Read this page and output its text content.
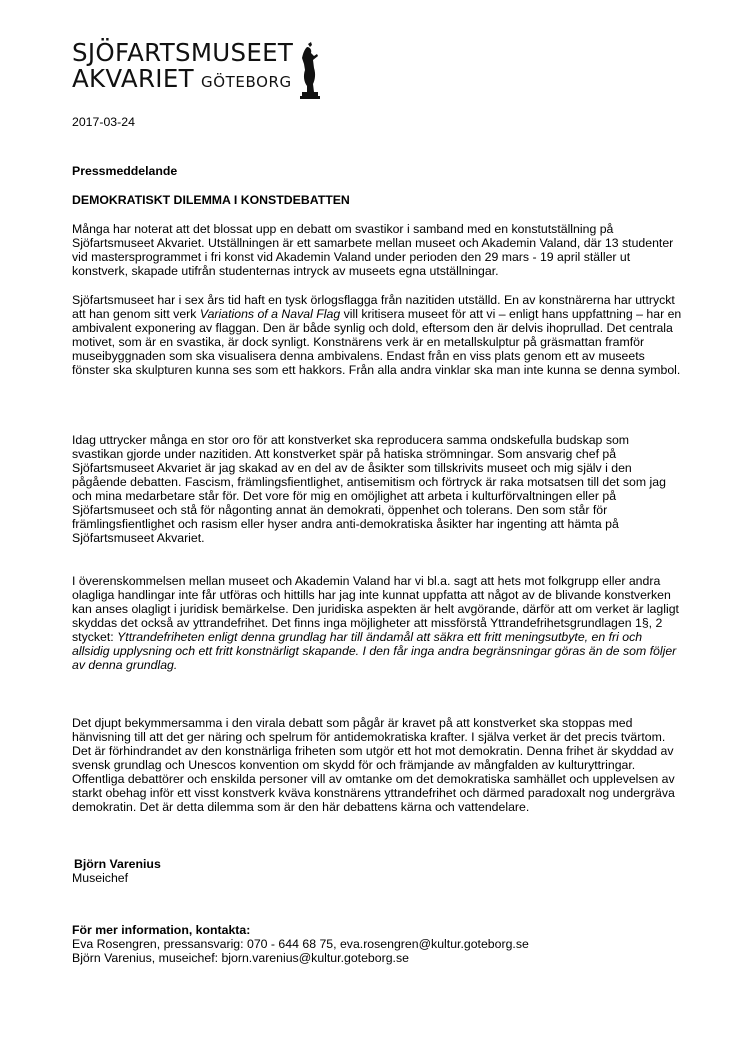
SJÖFARTSMUSEET
AKVARIET GÖTEBORG
2017-03-24
Pressmeddelande
DEMOKRATISKT DILEMMA I KONSTDEBATTEN
Många har noterat att det blossat upp en debatt om svastikor i samband med en konstutställning på Sjöfartsmuseet Akvariet. Utställningen är ett samarbete mellan museet och Akademin Valand, där 13 studenter vid mastersprogrammet i fri konst vid Akademin Valand under perioden den 29 mars - 19 april ställer ut konstverk, skapade utifrån studenternas intryck av museets egna utställningar.
Sjöfartsmuseet har i sex års tid haft en tysk örlogsflagga från nazitiden utställd. En av konstnärerna har uttryckt att han genom sitt verk Variations of a Naval Flag vill kritisera museet för att vi – enligt hans uppfattning – har en ambivalent exponering av flaggan. Den är både synlig och dold, eftersom den är delvis ihoprullad. Det centrala motivet, som är en svastika, är dock synligt. Konstnärens verk är en metallskulptur på gräsmattan framför museibyggnaden som ska visualisera denna ambivalens. Endast från en viss plats genom ett av museets fönster ska skulpturen kunna ses som ett hakkors. Från alla andra vinklar ska man inte kunna se denna symbol.
Idag uttrycker många en stor oro för att konstverket ska reproducera samma ondskefulla budskap som svastikan gjorde under nazitiden. Att konstverket spär på hatiska strömningar. Som ansvarig chef på Sjöfartsmuseet Akvariet är jag skakad av en del av de åsikter som tillskrivits museet och mig själv i den pågående debatten. Fascism, främlingsfientlighet, antisemitism och förtryck är raka motsatsen till det som jag och mina medarbetare står för. Det vore för mig en omöjlighet att arbeta i kulturförvaltningen eller på Sjöfartsmuseet och stå för någonting annat än demokrati, öppenhet och tolerans. Den som står för främlingsfientlighet och rasism eller hyser andra anti-demokratiska åsikter har ingenting att hämta på Sjöfartsmuseet Akvariet.
I överenskommelsen mellan museet och Akademin Valand har vi bl.a. sagt att hets mot folkgrupp eller andra olagliga handlingar inte får utföras och hittills har jag inte kunnat uppfatta att något av de blivande konstverken kan anses olagligt i juridisk bemärkelse. Den juridiska aspekten är helt avgörande, därför att om verket är lagligt skyddas det också av yttrandefrihet. Det finns inga möjligheter att missförstå Yttrandefrihetsgrundlagen 1§, 2 stycket: Yttrandefriheten enligt denna grundlag har till ändamål att säkra ett fritt meningsutbyte, en fri och allsidig upplysning och ett fritt konstnärligt skapande. I den får inga andra begränsningar göras än de som följer av denna grundlag.
Det djupt bekymmersamma i den virala debatt som pågår är kravet på att konstverket ska stoppas med hänvisning till att det ger näring och spelrum för antidemokratiska krafter. I själva verket är det precis tvärtom. Det är förhindrandet av den konstnärliga friheten som utgör ett hot mot demokratin. Denna frihet är skyddad av svensk grundlag och Unescos konvention om skydd för och främjande av mångfalden av kulturyttringar. Offentliga debattörer och enskilda personer vill av omtanke om det demokratiska samhället och upplevelsen av starkt obehag inför ett visst konstverk kväva konstnärens yttrandefrihet och därmed paradoxalt nog undergräva demokratin. Det är detta dilemma som är den här debattens kärna och vattendelare.
Björn Varenius
Museichef
För mer information, kontakta:
Eva Rosengren, pressansvarig: 070 - 644 68 75, eva.rosengren@kultur.goteborg.se
Björn Varenius, museichef: bjorn.varenius@kultur.goteborg.se
